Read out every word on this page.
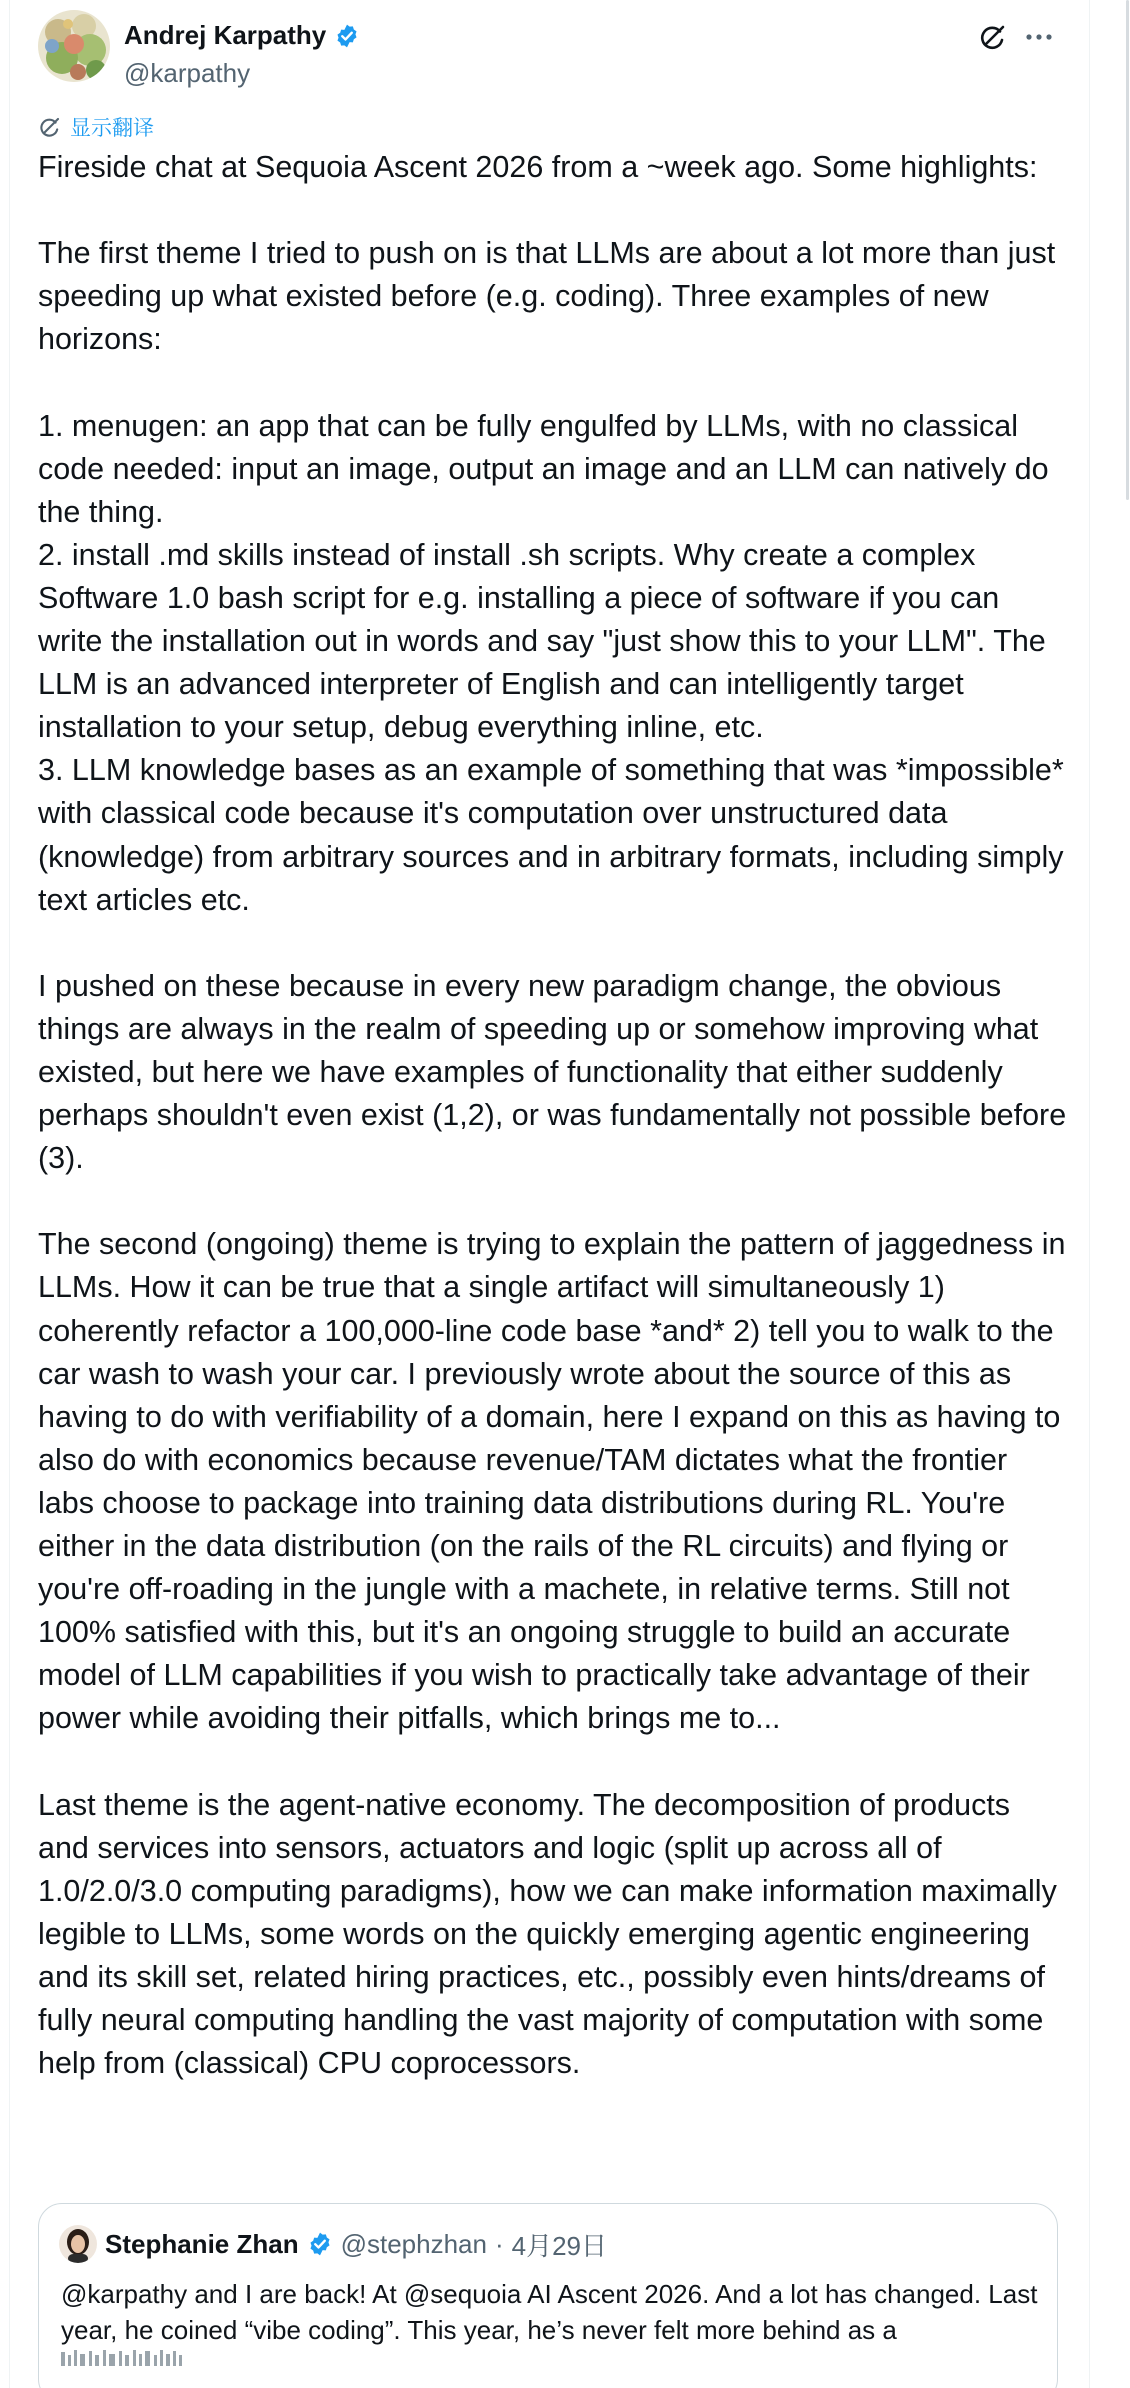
Andrej Karpathy
@karpathy
显示翻译
Fireside chat at Sequoia Ascent 2026 from a ~week ago. Some highlights:
The first theme I tried to push on is that LLMs are about a lot more than just speeding up what existed before (e.g. coding). Three examples of new horizons:
1. menugen: an app that can be fully engulfed by LLMs, with no classical code needed: input an image, output an image and an LLM can natively do the thing.
2. install .md skills instead of install .sh scripts. Why create a complex Software 1.0 bash script for e.g. installing a piece of software if you can write the installation out in words and say "just show this to your LLM". The LLM is an advanced interpreter of English and can intelligently target installation to your setup, debug everything inline, etc.
3. LLM knowledge bases as an example of something that was *impossible* with classical code because it's computation over unstructured data (knowledge) from arbitrary sources and in arbitrary formats, including simply text articles etc.
I pushed on these because in every new paradigm change, the obvious things are always in the realm of speeding up or somehow improving what existed, but here we have examples of functionality that either suddenly perhaps shouldn't even exist (1,2), or was fundamentally not possible before (3).
The second (ongoing) theme is trying to explain the pattern of jaggedness in LLMs. How it can be true that a single artifact will simultaneously 1) coherently refactor a 100,000-line code base *and* 2) tell you to walk to the car wash to wash your car. I previously wrote about the source of this as having to do with verifiability of a domain, here I expand on this as having to also do with economics because revenue/TAM dictates what the frontier labs choose to package into training data distributions during RL. You're either in the data distribution (on the rails of the RL circuits) and flying or you're off-roading in the jungle with a machete, in relative terms. Still not 100% satisfied with this, but it's an ongoing struggle to build an accurate model of LLM capabilities if you wish to practically take advantage of their power while avoiding their pitfalls, which brings me to...
Last theme is the agent-native economy. The decomposition of products and services into sensors, actuators and logic (split up across all of 1.0/2.0/3.0 computing paradigms), how we can make information maximally legible to LLMs, some words on the quickly emerging agentic engineering and its skill set, related hiring practices, etc., possibly even hints/dreams of fully neural computing handling the vast majority of computation with some help from (classical) CPU coprocessors.
Stephanie Zhan @stephzhan · 4月29日
@karpathy and I are back! At @sequoia AI Ascent 2026. And a lot has changed. Last year, he coined “vibe coding”. This year, he’s never felt more behind as a
